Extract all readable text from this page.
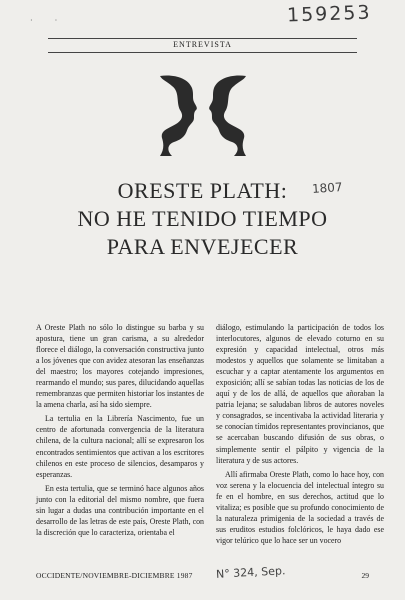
· ·	159253
ENTREVISTA
ORESTE PLATH:
NO HE TENIDO TIEMPO
PARA ENVEJECER
1807

A Oreste Plath no sólo lo distingue su barba y su apostura, tiene un gran carisma, a su alrededor florece el diálogo, la conversación constructiva junto a los jóvenes que con avidez atesoran las enseñanzas del maestro; los mayores cotejando impresiones, rearmando el mundo; sus pares, dilucidando aquellas remembranzas que permiten historiar los instantes de la amena charla, así ha sido siempre.

La tertulia en la Librería Nascimento, fue un centro de afortunada convergencia de la literatura chilena, de la cultura nacional; allí se expresaron los encontrados sentimientos que activan a los escritores chilenos en este proceso de silencios, desamparos y esperanzas.

En esta tertulia, que se terminó hace algunos años junto con la editorial del mismo nombre, que fuera sin lugar a dudas una contribución importante en el desarrollo de las letras de este país, Oreste Plath, con la discreción que lo caracteriza, orientaba el

diálogo, estimulando la participación de todos los interlocutores, algunos de elevado coturno en su expresión y capacidad intelectual, otros más modestos y aquellos que solamente se limitaban a escuchar y a captar atentamente los argumentos en exposición; allí se sabían todas las noticias de los de aquí y de los de allá, de aquellos que añoraban la patria lejana; se saludaban libros de autores noveles y consagrados, se incentivaba la actividad literaria y se conocían tímidos representantes provincianos, que se acercaban buscando difusión de sus obras, o simplemente sentir el pálpito y vigencia de la literatura y de sus actores.

Allí afirmaba Oreste Plath, como lo hace hoy, con voz serena y la elocuencia del intelectual íntegro su fe en el hombre, en sus derechos, actitud que lo vitaliza; es posible que su profundo conocimiento de la naturaleza primigenia de la sociedad a través de sus eruditos estudios folclóricos, le haya dado ese vigor telúrico que lo hace ser un vocero

OCCIDENTE/NOVIEMBRE-DICIEMBRE 1987 N° 324, Sep.	29
